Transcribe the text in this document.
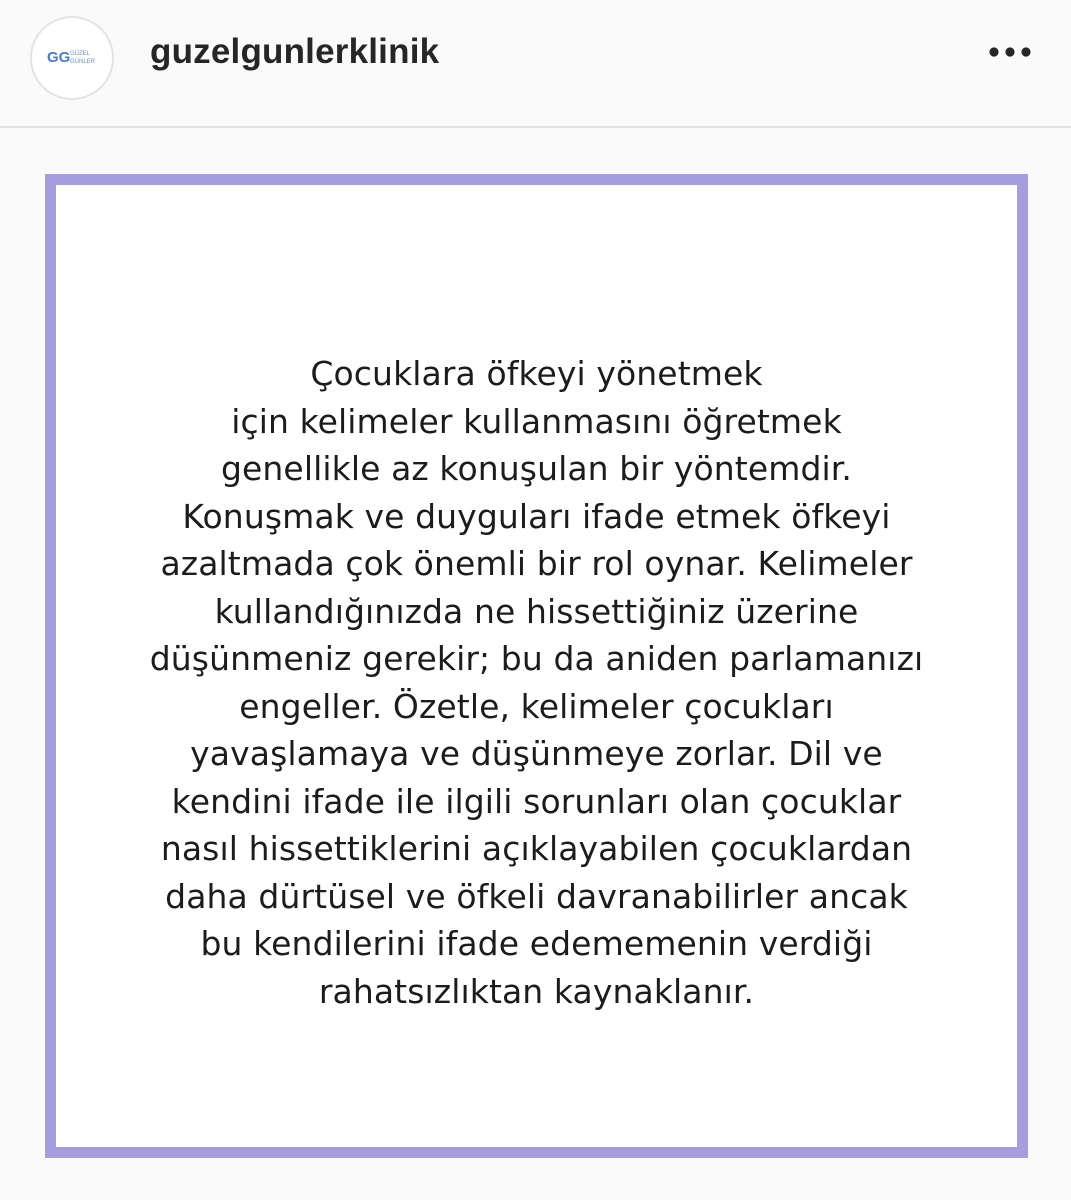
GG GÜZEL
GÜNLER guzelgunlerklinik
Çocuklara öfkeyi yönetmek
için kelimeler kullanmasını öğretmek
genellikle az konuşulan bir yöntemdir.
Konuşmak ve duyguları ifade etmek öfkeyi
azaltmada çok önemli bir rol oynar. Kelimeler
kullandığınızda ne hissettiğiniz üzerine
düşünmeniz gerekir; bu da aniden parlamanızı
engeller. Özetle, kelimeler çocukları
yavaşlamaya ve düşünmeye zorlar. Dil ve
kendini ifade ile ilgili sorunları olan çocuklar
nasıl hissettiklerini açıklayabilen çocuklardan
daha dürtüsel ve öfkeli davranabilirler ancak
bu kendilerini ifade edememenin verdiği
rahatsızlıktan kaynaklanır.
